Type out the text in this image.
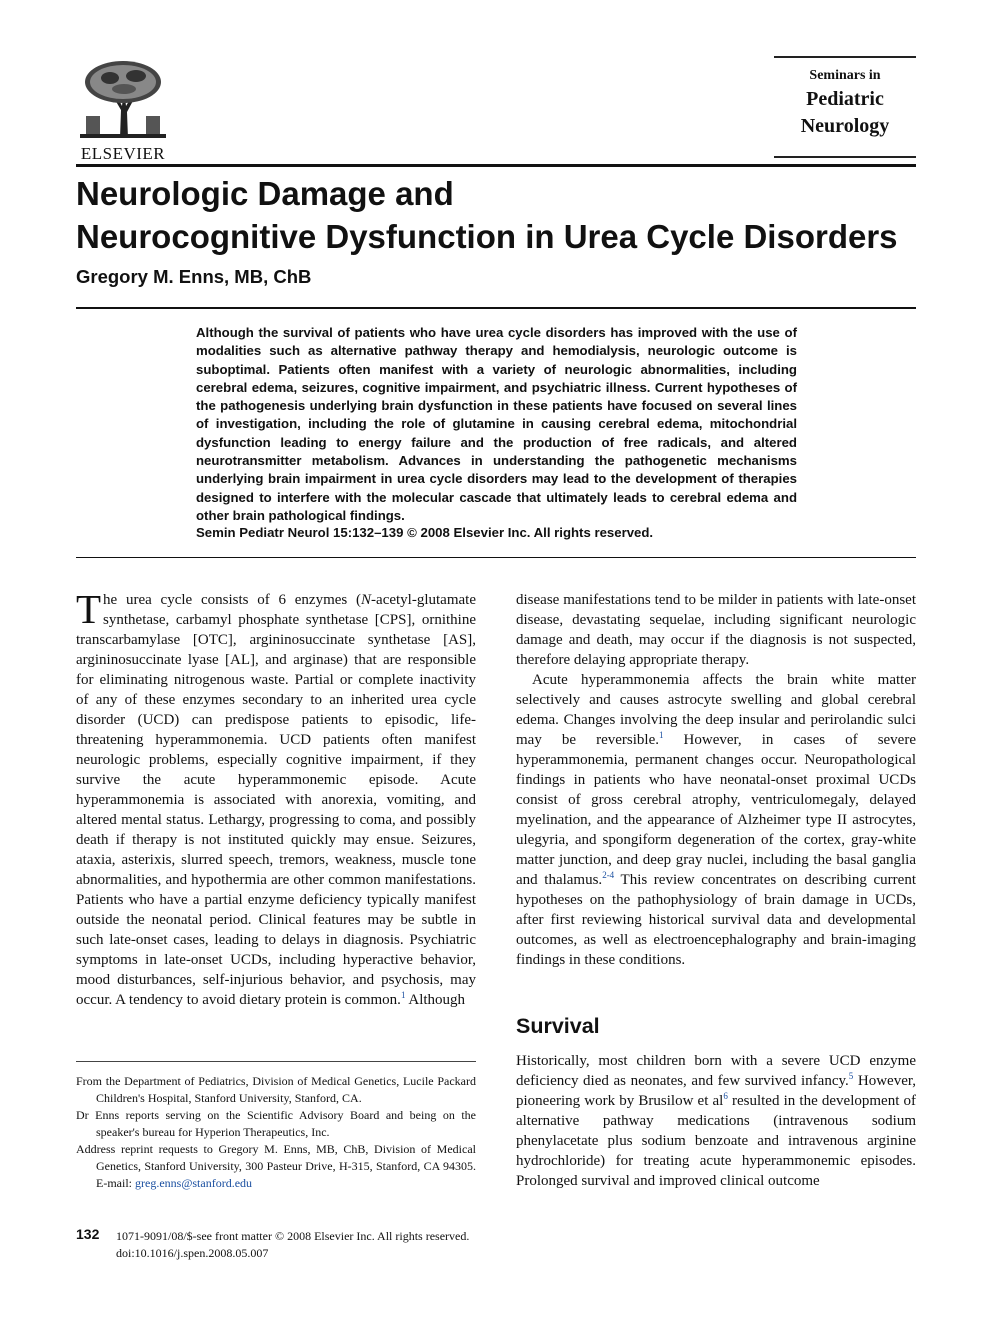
ELSEVIER
Seminars in
Pediatric
Neurology
Neurologic Damage and
Neurocognitive Dysfunction in Urea Cycle Disorders
Gregory M. Enns, MB, ChB
Although the survival of patients who have urea cycle disorders has improved with the use of modalities such as alternative pathway therapy and hemodialysis, neurologic outcome is suboptimal. Patients often manifest with a variety of neurologic abnormalities, including cerebral edema, seizures, cognitive impairment, and psychiatric illness. Current hypotheses of the pathogenesis underlying brain dysfunction in these patients have focused on several lines of investigation, including the role of glutamine in causing cerebral edema, mitochondrial dysfunction leading to energy failure and the production of free radicals, and altered neurotransmitter metabolism. Advances in understanding the pathogenetic mechanisms underlying brain impairment in urea cycle disorders may lead to the development of therapies designed to interfere with the molecular cascade that ultimately leads to cerebral edema and other brain pathological findings.
Semin Pediatr Neurol 15:132–139 © 2008 Elsevier Inc. All rights reserved.

The urea cycle consists of 6 enzymes (N-acetyl-glutamate synthetase, carbamyl phosphate synthetase [CPS], ornithine transcarbamylase [OTC], argininosuccinate synthetase [AS], argininosuccinate lyase [AL], and arginase) that are responsible for eliminating nitrogenous waste. Partial or complete inactivity of any of these enzymes secondary to an inherited urea cycle disorder (UCD) can predispose patients to episodic, life-threatening hyperammonemia. UCD patients often manifest neurologic problems, especially cognitive impairment, if they survive the acute hyperammonemic episode. Acute hyperammonemia is associated with anorexia, vomiting, and altered mental status. Lethargy, progressing to coma, and possibly death if therapy is not instituted quickly may ensue. Seizures, ataxia, asterixis, slurred speech, tremors, weakness, muscle tone abnormalities, and hypothermia are other common manifestations. Patients who have a partial enzyme deficiency typically manifest outside the neonatal period. Clinical features may be subtle in such late-onset cases, leading to delays in diagnosis. Psychiatric symptoms in late-onset UCDs, including hyperactive behavior, mood disturbances, self-injurious behavior, and psychosis, may occur. A tendency to avoid dietary protein is common.$^1$ Although

disease manifestations tend to be milder in patients with late-onset disease, devastating sequelae, including significant neurologic damage and death, may occur if the diagnosis is not suspected, therefore delaying appropriate therapy.

Acute hyperammonemia affects the brain white matter selectively and causes astrocyte swelling and global cerebral edema. Changes involving the deep insular and perirolandic sulci may be reversible.$^1$ However, in cases of severe hyperammonemia, permanent changes occur. Neuropathological findings in patients who have neonatal-onset proximal UCDs consist of gross cerebral atrophy, ventriculomegaly, delayed myelination, and the appearance of Alzheimer type II astrocytes, ulegyria, and spongiform degeneration of the cortex, gray-white matter junction, and deep gray nuclei, including the basal ganglia and thalamus.$^{2-4}$ This review concentrates on describing current hypotheses on the pathophysiology of brain damage in UCDs, after first reviewing historical survival data and developmental outcomes, as well as electroencephalography and brain-imaging findings in these conditions.

Survival

Historically, most children born with a severe UCD enzyme deficiency died as neonates, and few survived infancy.$^5$ However, pioneering work by Brusilow et $al^6$ resulted in the development of alternative pathway medications (intravenous sodium phenylacetate plus sodium benzoate and intravenous arginine hydrochloride) for treating acute hyperammonemic episodes. Prolonged survival and improved clinical outcome

From the Department of Pediatrics, Division of Medical Genetics, Lucile Packard Children's Hospital, Stanford University, Stanford, CA.

Dr Enns reports serving on the Scientific Advisory Board and being on the speaker's bureau for Hyperion Therapeutics, Inc.

Address reprint requests to Gregory M. Enns, MB, ChB, Division of Medical Genetics, Stanford University, 300 Pasteur Drive, H-315, Stanford, CA 94305. E-mail: greg.enns@stanford.edu

132 1071-9091/08/$-see front matter © 2008 Elsevier Inc. All rights reserved.
doi:10.1016/j.spen.2008.05.007
